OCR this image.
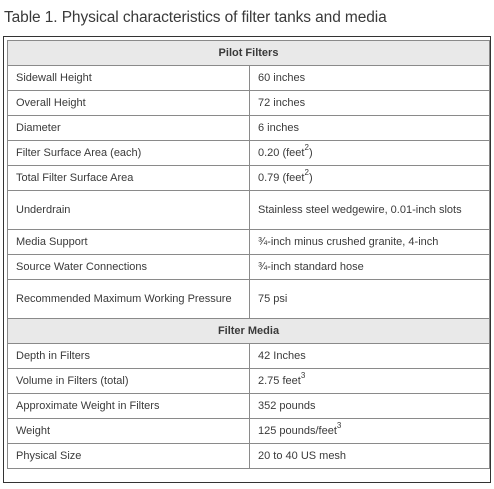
Table 1. Physical characteristics of filter tanks and media
Pilot Filters	
Sidewall Height	60 inches
Overall Height	72 inches
Diameter	6 inches
Filter Surface Area (each)	0.20 (feet$^2$)
Total Filter Surface Area	0.79 (feet$^2$)
Underdrain	Stainless steel wedgewire, 0.01-inch slots
Media Support	¾-inch minus crushed granite, 4-inch
Source Water Connections	¾-inch standard hose
Recommended Maximum Working Pressure	75 psi
Filter Media	
Depth in Filters	42 Inches
Volume in Filters (total)	2.75 feet$^3$
Approximate Weight in Filters	352 pounds
Weight	125 pounds/feet$^3$
Physical Size	20 to 40 US mesh
